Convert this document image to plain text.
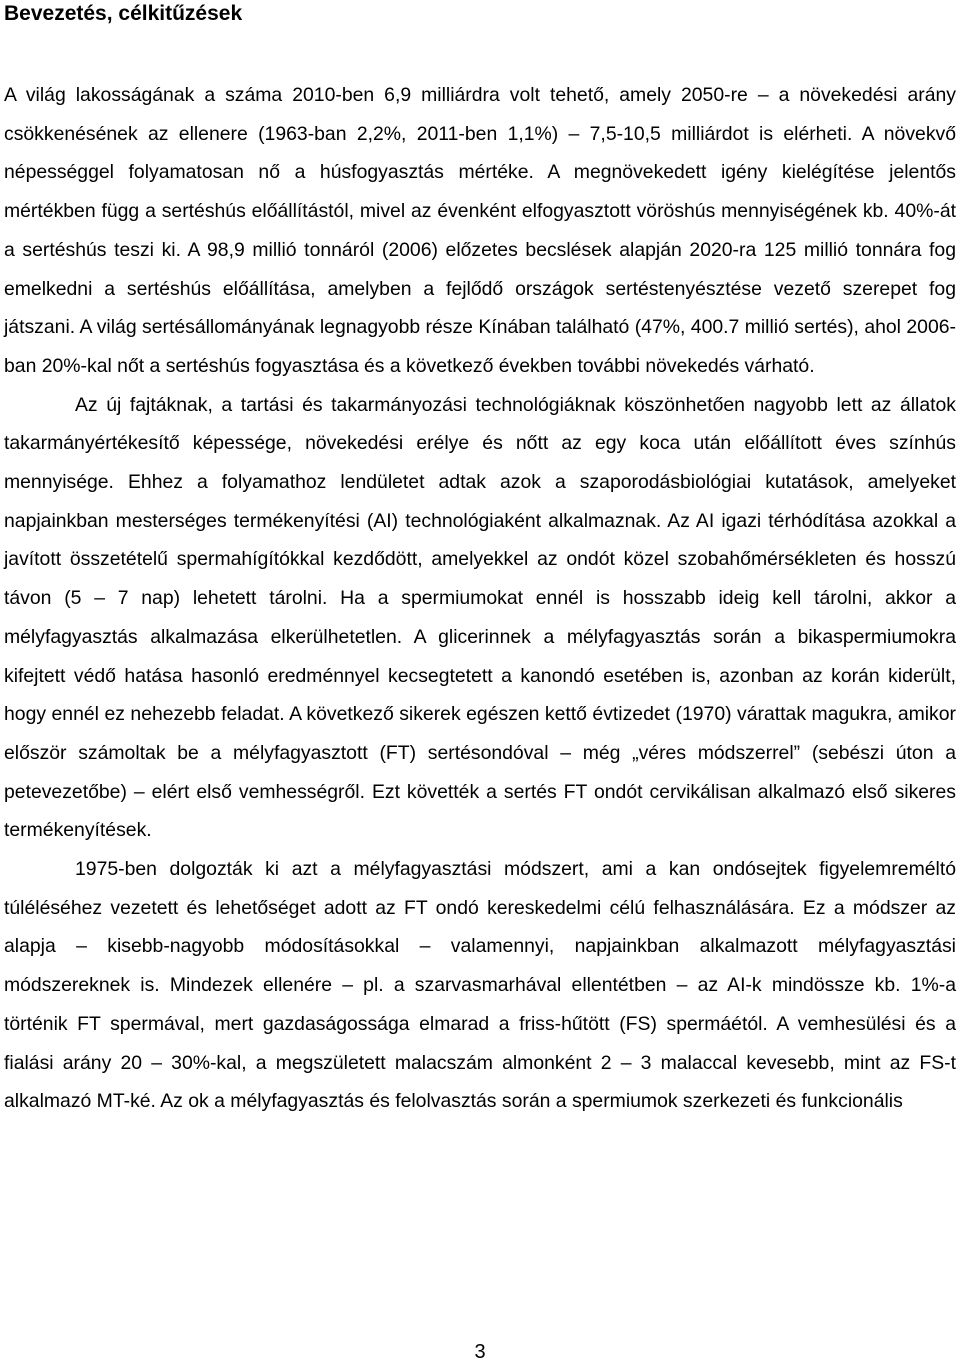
Bevezetés, célkitűzések

A világ lakosságának a száma 2010-ben 6,9 milliárdra volt tehető, amely 2050-re – a növekedési arány csökkenésének az ellenere (1963-ban 2,2%, 2011-ben 1,1%) – 7,5-10,5 milliárdot is elérheti. A növekvő népességgel folyamatosan nő a húsfogyasztás mértéke. A megnövekedett igény kielégítése jelentős mértékben függ a sertéshús előállítástól, mivel az évenként elfogyasztott vöröshús mennyiségének kb. 40%-át a sertéshús teszi ki. A 98,9 millió tonnáról (2006) előzetes becslések alapján 2020-ra 125 millió tonnára fog emelkedni a sertéshús előállítása, amelyben a fejlődő országok sertéstenyésztése vezető szerepet fog játszani. A világ sertésállományának legnagyobb része Kínában található (47%, 400.7 millió sertés), ahol 2006-ban 20%-kal nőt a sertéshús fogyasztása és a következő években további növekedés várható.

Az új fajtáknak, a tartási és takarmányozási technológiáknak köszönhetően nagyobb lett az állatok takarmányértékesítő képessége, növekedési erélye és nőtt az egy koca után előállított éves színhús mennyisége. Ehhez a folyamathoz lendületet adtak azok a szaporodásbiológiai kutatások, amelyeket napjainkban mesterséges termékenyítési (AI) technológiaként alkalmaznak. Az AI igazi térhódítása azokkal a javított összetételű spermahígítókkal kezdődött, amelyekkel az ondót közel szobahőmérsékleten és hosszú távon (5 – 7 nap) lehetett tárolni. Ha a spermiumokat ennél is hosszabb ideig kell tárolni, akkor a mélyfagyasztás alkalmazása elkerülhetetlen. A glicerinnek a mélyfagyasztás során a bikaspermiumokra kifejtett védő hatása hasonló eredménnyel kecsegtetett a kanondó esetében is, azonban az korán kiderült, hogy ennél ez nehezebb feladat. A következő sikerek egészen kettő évtizedet (1970) várattak magukra, amikor először számoltak be a mélyfagyasztott (FT) sertésondóval – még „véres módszerrel” (sebészi úton a petevezetőbe) – elért első vemhességről. Ezt követték a sertés FT ondót cervikálisan alkalmazó első sikeres termékenyítések.

1975-ben dolgozták ki azt a mélyfagyasztási módszert, ami a kan ondósejtek figyelemreméltó túléléséhez vezetett és lehetőséget adott az FT ondó kereskedelmi célú felhasználására. Ez a módszer az alapja – kisebb-nagyobb módosításokkal – valamennyi, napjainkban alkalmazott mélyfagyasztási módszereknek is. Mindezek ellenére – pl. a szarvasmarhával ellentétben – az AI-k mindössze kb. 1%-a történik FT spermával, mert gazdaságossága elmarad a friss-hűtött (FS) spermáétól. A vemhesülési és a fialási arány 20 – 30%-kal, a megszületett malacszám almonként 2 – 3 malaccal kevesebb, mint az FS-t alkalmazó MT-ké. Az ok a mélyfagyasztás és felolvasztás során a spermiumok szerkezeti és funkcionális

3
